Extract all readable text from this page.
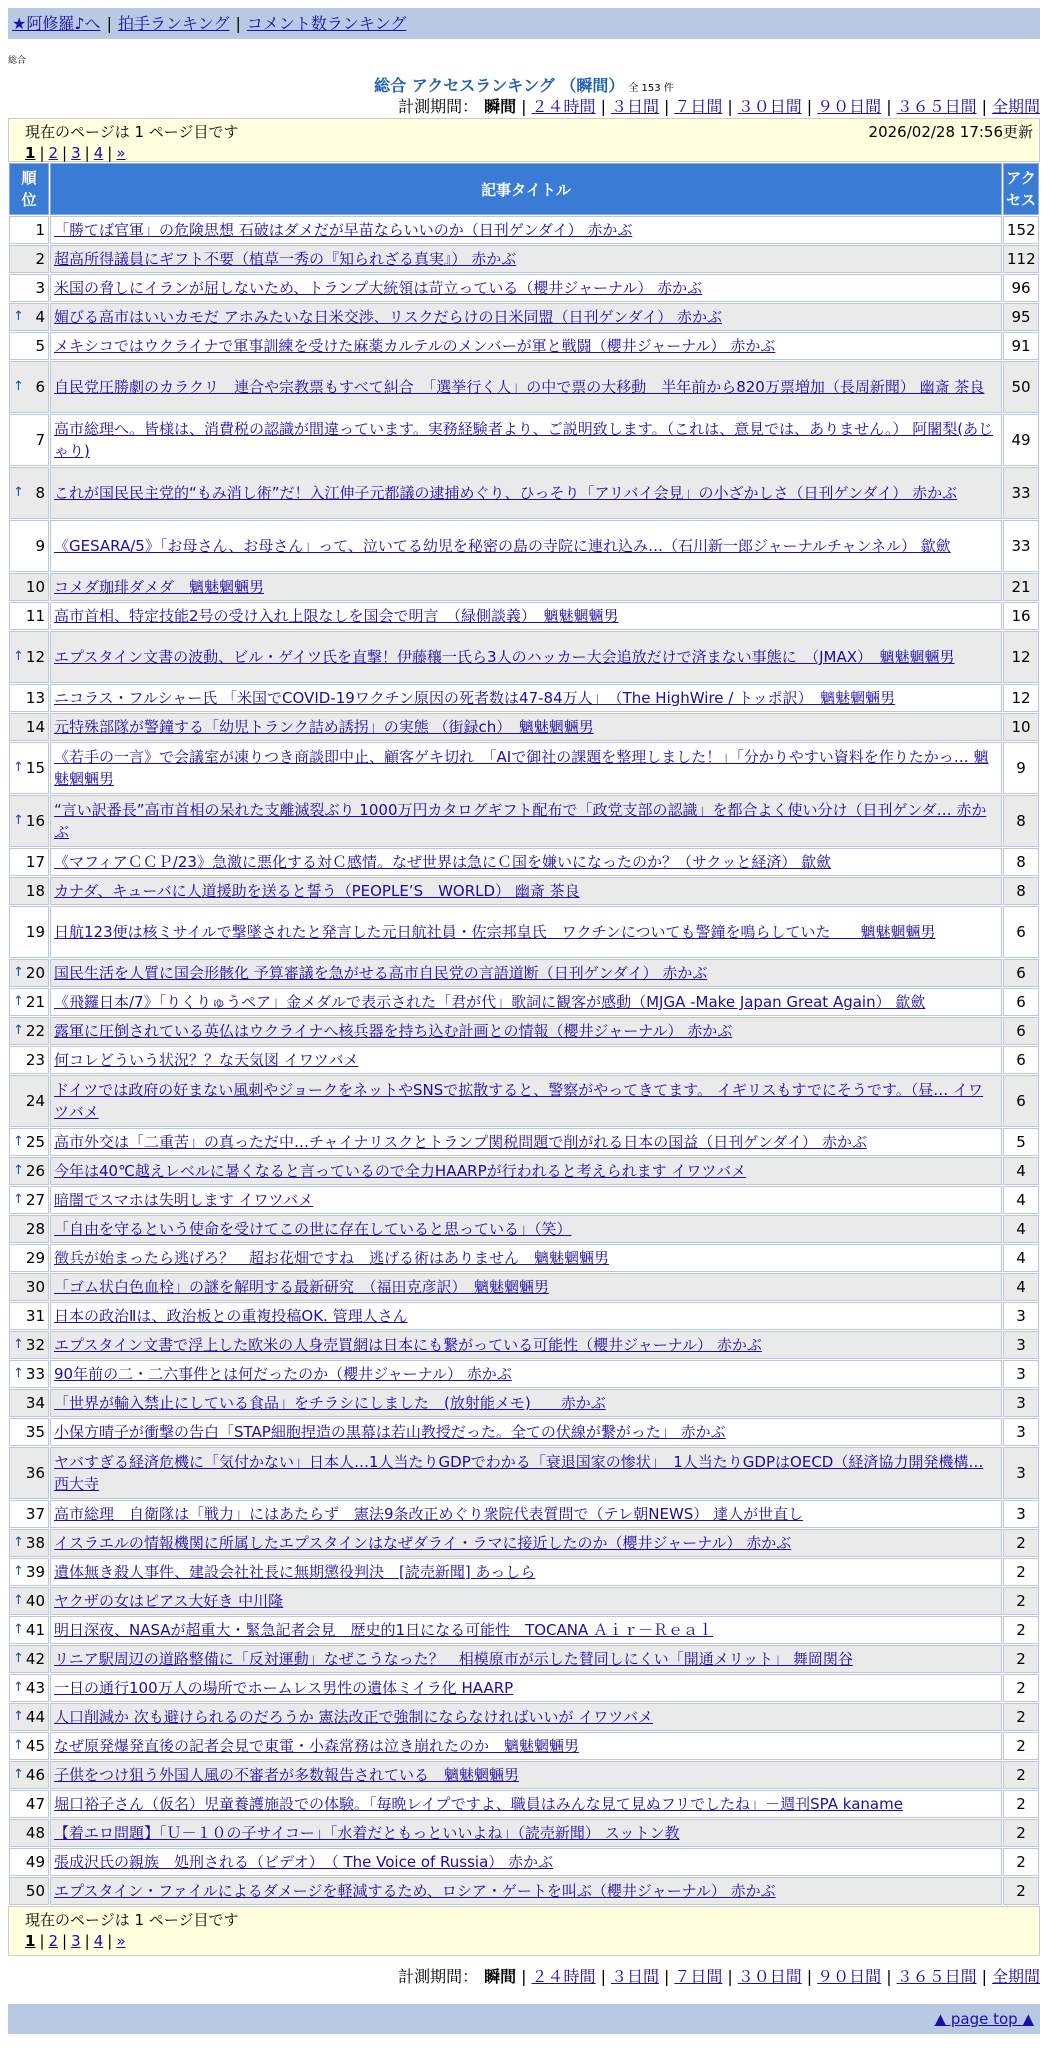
★阿修羅♪へ | 拍手ランキング | コメント数ランキング
総合
総合 アクセスランキング （瞬間） 全 153 件
計測期間： 瞬間 | ２４時間 | ３日間 | ７日間 | ３０日間 | ９０日間 | ３６５日間 | 全期間
現在のページは 1 ページ目です	2026/02/28 17:56更新
1 | 2 | 3 | 4 | »
順位	記事タイトル	アクセス
1	「勝てば官軍」の危険思想 石破はダメだが早苗ならいいのか（日刊ゲンダイ） 赤かぶ	152
2	超高所得議員にギフト不要（植草一秀の『知られざる真実』） 赤かぶ	112
3	米国の脅しにイランが屈しないため、トランプ大統領は苛立っている（櫻井ジャーナル） 赤かぶ	96

↑ 4	媚びる高市はいいカモだ アホみたいな日米交渉、リスクだらけの日米同盟（日刊ゲンダイ） 赤かぶ	95
5	メキシコではウクライナで軍事訓練を受けた麻薬カルテルのメンバーが軍と戦闘（櫻井ジャーナル） 赤かぶ	91

↑ 6	自民党圧勝劇のカラクリ　連合や宗教票もすべて糾合　「選挙行く人」の中で票の大移動　半年前から820万票増加（長周新聞） 幽斎 茶良	50
7	高市総理へ。皆様は、消費税の認識が間違っています。実務経験者より、ご説明致します。（これは、意見では、ありません。） 阿闍梨(あじゃり)	49

↑ 8	これが国民民主党的“もみ消し術”だ！入江伸子元都議の逮捕めぐり、ひっそり「アリバイ会見」の小ざかしさ（日刊ゲンダイ） 赤かぶ	33
9	《GESARA/5》「お母さん、お母さん」って、泣いてる幼児を秘密の島の寺院に連れ込み…（石川新一郎ジャーナルチャンネル） 歙歛	33
10	コメダ珈琲ダメダ　魑魅魍魎男	21
11	高市首相、特定技能2号の受け入れ上限なしを国会で明言　（緑側談義）　魑魅魍魎男	16

↑ 12	エプスタイン文書の波動、ビル・ゲイツ氏を直撃！伊藤穰一氏ら3人のハッカー大会追放だけで済まない事態に　（JMAX）　魑魅魍魎男	12
13	ニコラス・フルシャー氏 「米国でCOVID-19ワクチン原因の死者数は47-84万人」　（The HighWire / トッポ訳）　魑魅魍魎男	12
14	元特殊部隊が警鐘する「幼児トランク詰め誘拐」の実態 （街録ch）　魑魅魍魎男	10

↑ 15	《若手の一言》で会議室が凍りつき商談即中止、顧客ゲキ切れ　「AIで御社の課題を整理しました！」「分かりやすい資料を作りたかっ… 魑魅魍魎男	9

↑ 16	“言い訳番長”高市首相の呆れた支離滅裂ぶり 1000万円カタログギフト配布で「政党支部の認識」を都合よく使い分け（日刊ゲンダ… 赤かぶ	8
17	《マフィアＣＣＰ/23》急激に悪化する対Ｃ感情。なぜ世界は急にＣ国を嫌いになったのか？（サクッと経済） 歙歛	8
18	カナダ、キューバに人道援助を送ると誓う（PEOPLE’S　WORLD） 幽斎 茶良	8
19	日航123便は核ミサイルで撃墜されたと発言した元日航社員・佐宗邦皇氏　ワクチンについても警鐘を鳴らしていた　　魑魅魍魎男	6

↑ 20	国民生活を人質に国会形骸化 予算審議を急がせる高市自民党の言語道断（日刊ゲンダイ） 赤かぶ	6

↑ 21	《飛鑼日本/7》「りくりゅうペア」金メダルで表示された「君が代」歌詞に観客が感動（MJGA -Make Japan Great Again） 歙歛	6

↑ 22	露軍に圧倒されている英仏はウクライナへ核兵器を持ち込む計画との情報（櫻井ジャーナル） 赤かぶ	6
23	何コレどういう状況？？な天気図 イワツバメ	6
24	ドイツでは政府の好まない風刺やジョークをネットやSNSで拡散すると、警察がやってきてます。 イギリスもすでにそうです。（昼… イワツバメ	6

↑ 25	高市外交は「二重苦」の真っただ中…チャイナリスクとトランプ関税問題で削がれる日本の国益（日刊ゲンダイ） 赤かぶ	5

↑ 26	今年は40℃越えレベルに暑くなると言っているので全力HAARPが行われると考えられます イワツバメ	4

↑ 27	暗闇でスマホは失明します イワツバメ	4
28	「自由を守るという使命を受けてこの世に存在していると思っている」（笑）	4
29	徴兵が始まったら逃げろ？　超お花畑ですね　逃げる術はありません　魑魅魍魎男	4
30	「ゴム状白色血栓」の謎を解明する最新研究　（福田克彦訳）　魑魅魍魎男	4
31	日本の政治Ⅱは、政治板との重複投稿OK. 管理人さん	3

↑ 32	エプスタイン文書で浮上した欧米の人身売買網は日本にも繋がっている可能性（櫻井ジャーナル） 赤かぶ	3

↑ 33	90年前の二・二六事件とは何だったのか（櫻井ジャーナル） 赤かぶ	3
34	「世界が輸入禁止にしている食品」をチラシにしました　(放射能メモ)　　赤かぶ	3
35	小保方晴子が衝撃の告白「STAP細胞捏造の黒幕は若山教授だった。全ての伏線が繋がった」 赤かぶ	3
36	ヤバすぎる経済危機に「気付かない」日本人…1人当たりGDPでわかる「衰退国家の惨状」　1人当たりGDPはOECD（経済協力開発機構… 西大寺	3
37	高市総理　自衛隊は「戦力」にはあたらず　憲法9条改正めぐり衆院代表質問で（テレ朝NEWS） 達人が世直し	3

↑ 38	イスラエルの情報機関に所属したエプスタインはなぜダライ・ラマに接近したのか（櫻井ジャーナル） 赤かぶ	2

↑ 39	遺体無き殺人事件、建設会社社長に無期懲役判決　[読売新聞] あっしら	2

↑ 40	ヤクザの女はピアス大好き 中川隆	2

↑ 41	明日深夜、NASAが超重大・緊急記者会見　歴史的1日になる可能性　TOCANA Ａｉｒ－Ｒｅａｌ	2

↑ 42	リニア駅周辺の道路整備に「反対運動」なぜこうなった？　相模原市が示した賛同しにくい「開通メリット」 舞岡関谷	2

↑ 43	一日の通行100万人の場所でホームレス男性の遺体ミイラ化 HAARP	2

↑ 44	人口削減か 次も避けられるのだろうか 憲法改正で強制にならなければいいが イワツバメ	2

↑ 45	なぜ原発爆発直後の記者会見で東電・小森常務は泣き崩れたのか　魑魅魍魎男	2

↑ 46	子供をつけ狙う外国人風の不審者が多数報告されている　魑魅魍魎男	2
47	堀口裕子さん（仮名）児童養護施設での体験。「毎晩レイプですよ、職員はみんな見て見ぬフリでしたね」－週刊SPA kaname	2
48	【着エロ問題】「Ｕ－１０の子サイコー」「水着だともっといいよね」（読売新聞） スットン教	2
49	張成沢氏の親族　処刑される（ビデオ）　（ The Voice of Russia） 赤かぶ	2
50	エプスタイン・ファイルによるダメージを軽減するため、ロシア・ゲートを叫ぶ（櫻井ジャーナル） 赤かぶ	2
現在のページは 1 ページ目です
1 | 2 | 3 | 4 | »
計測期間： 瞬間 | ２４時間 | ３日間 | ７日間 | ３０日間 | ９０日間 | ３６５日間 | 全期間
▲ page top ▲
